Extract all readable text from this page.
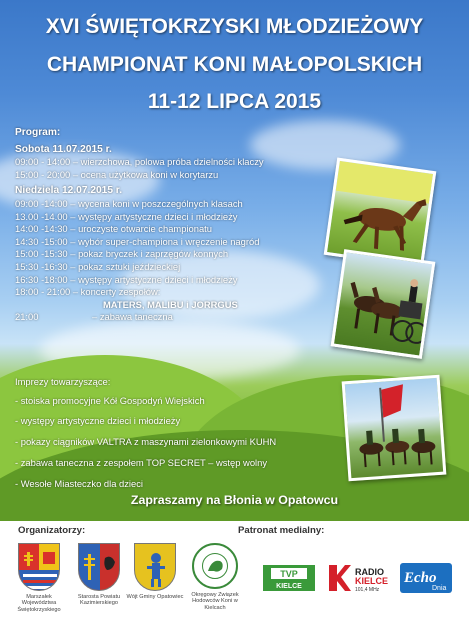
XVI ŚWIĘTOKRZYSKI MŁODZIEŻOWY
CHAMPIONAT KONI MAŁOPOLSKICH
11-12 LIPCA 2015
Program:
Sobota 11.07.2015 r.
09:00 - 14:00 – wierzchowa, polowa próba dzielności klaczy
15:00 - 20:00 – ocena użytkowa koni w korytarzu
Niedziela 12.07.2015 r.
09:00 -14:00 – wycena koni w poszczególnych klasach
13.00 -14.00 – występy artystyczne dzieci i młodzieży
14:00 -14:30 – uroczyste otwarcie championatu
14:30 -15:00 – wybór super-championa i wręczenie nagród
15:00 -15:30 – pokaz bryczek i zaprzęgów konnych
15:30 -16:30 – pokaz sztuki jeździeckiej
16:30 -18:00 – występy artystyczne dzieci i młodzieży
18:00 - 21:00 – koncerty zespołów:
MATERS, MALIBU i JORRGUS
21:00	– zabawa taneczna
Imprezy towarzyszące:
- stoiska promocyjne Kół Gospodyń Wiejskich
- występy artystyczne dzieci i młodzieży
- pokazy ciągników VALTRA z maszynami zielonkowymi KUHN
- zabawa taneczna z zespołem TOP SECRET – wstęp wolny
- Wesołe Miasteczko dla dzieci
Zapraszamy na Błonia w Opatowcu
Organizatorzy:	Patronat medialny:
Marszałek Województwa Świętokrzyskiego
Starosta Powiatu Kazimierskiego
Wójt Gminy Opatowiec	Okręgowy Związek Hodowców Koni w Kielcach
TVP
KIELCE
RADIO
KIELCE
101,4 MHz
Echo
Dnia
